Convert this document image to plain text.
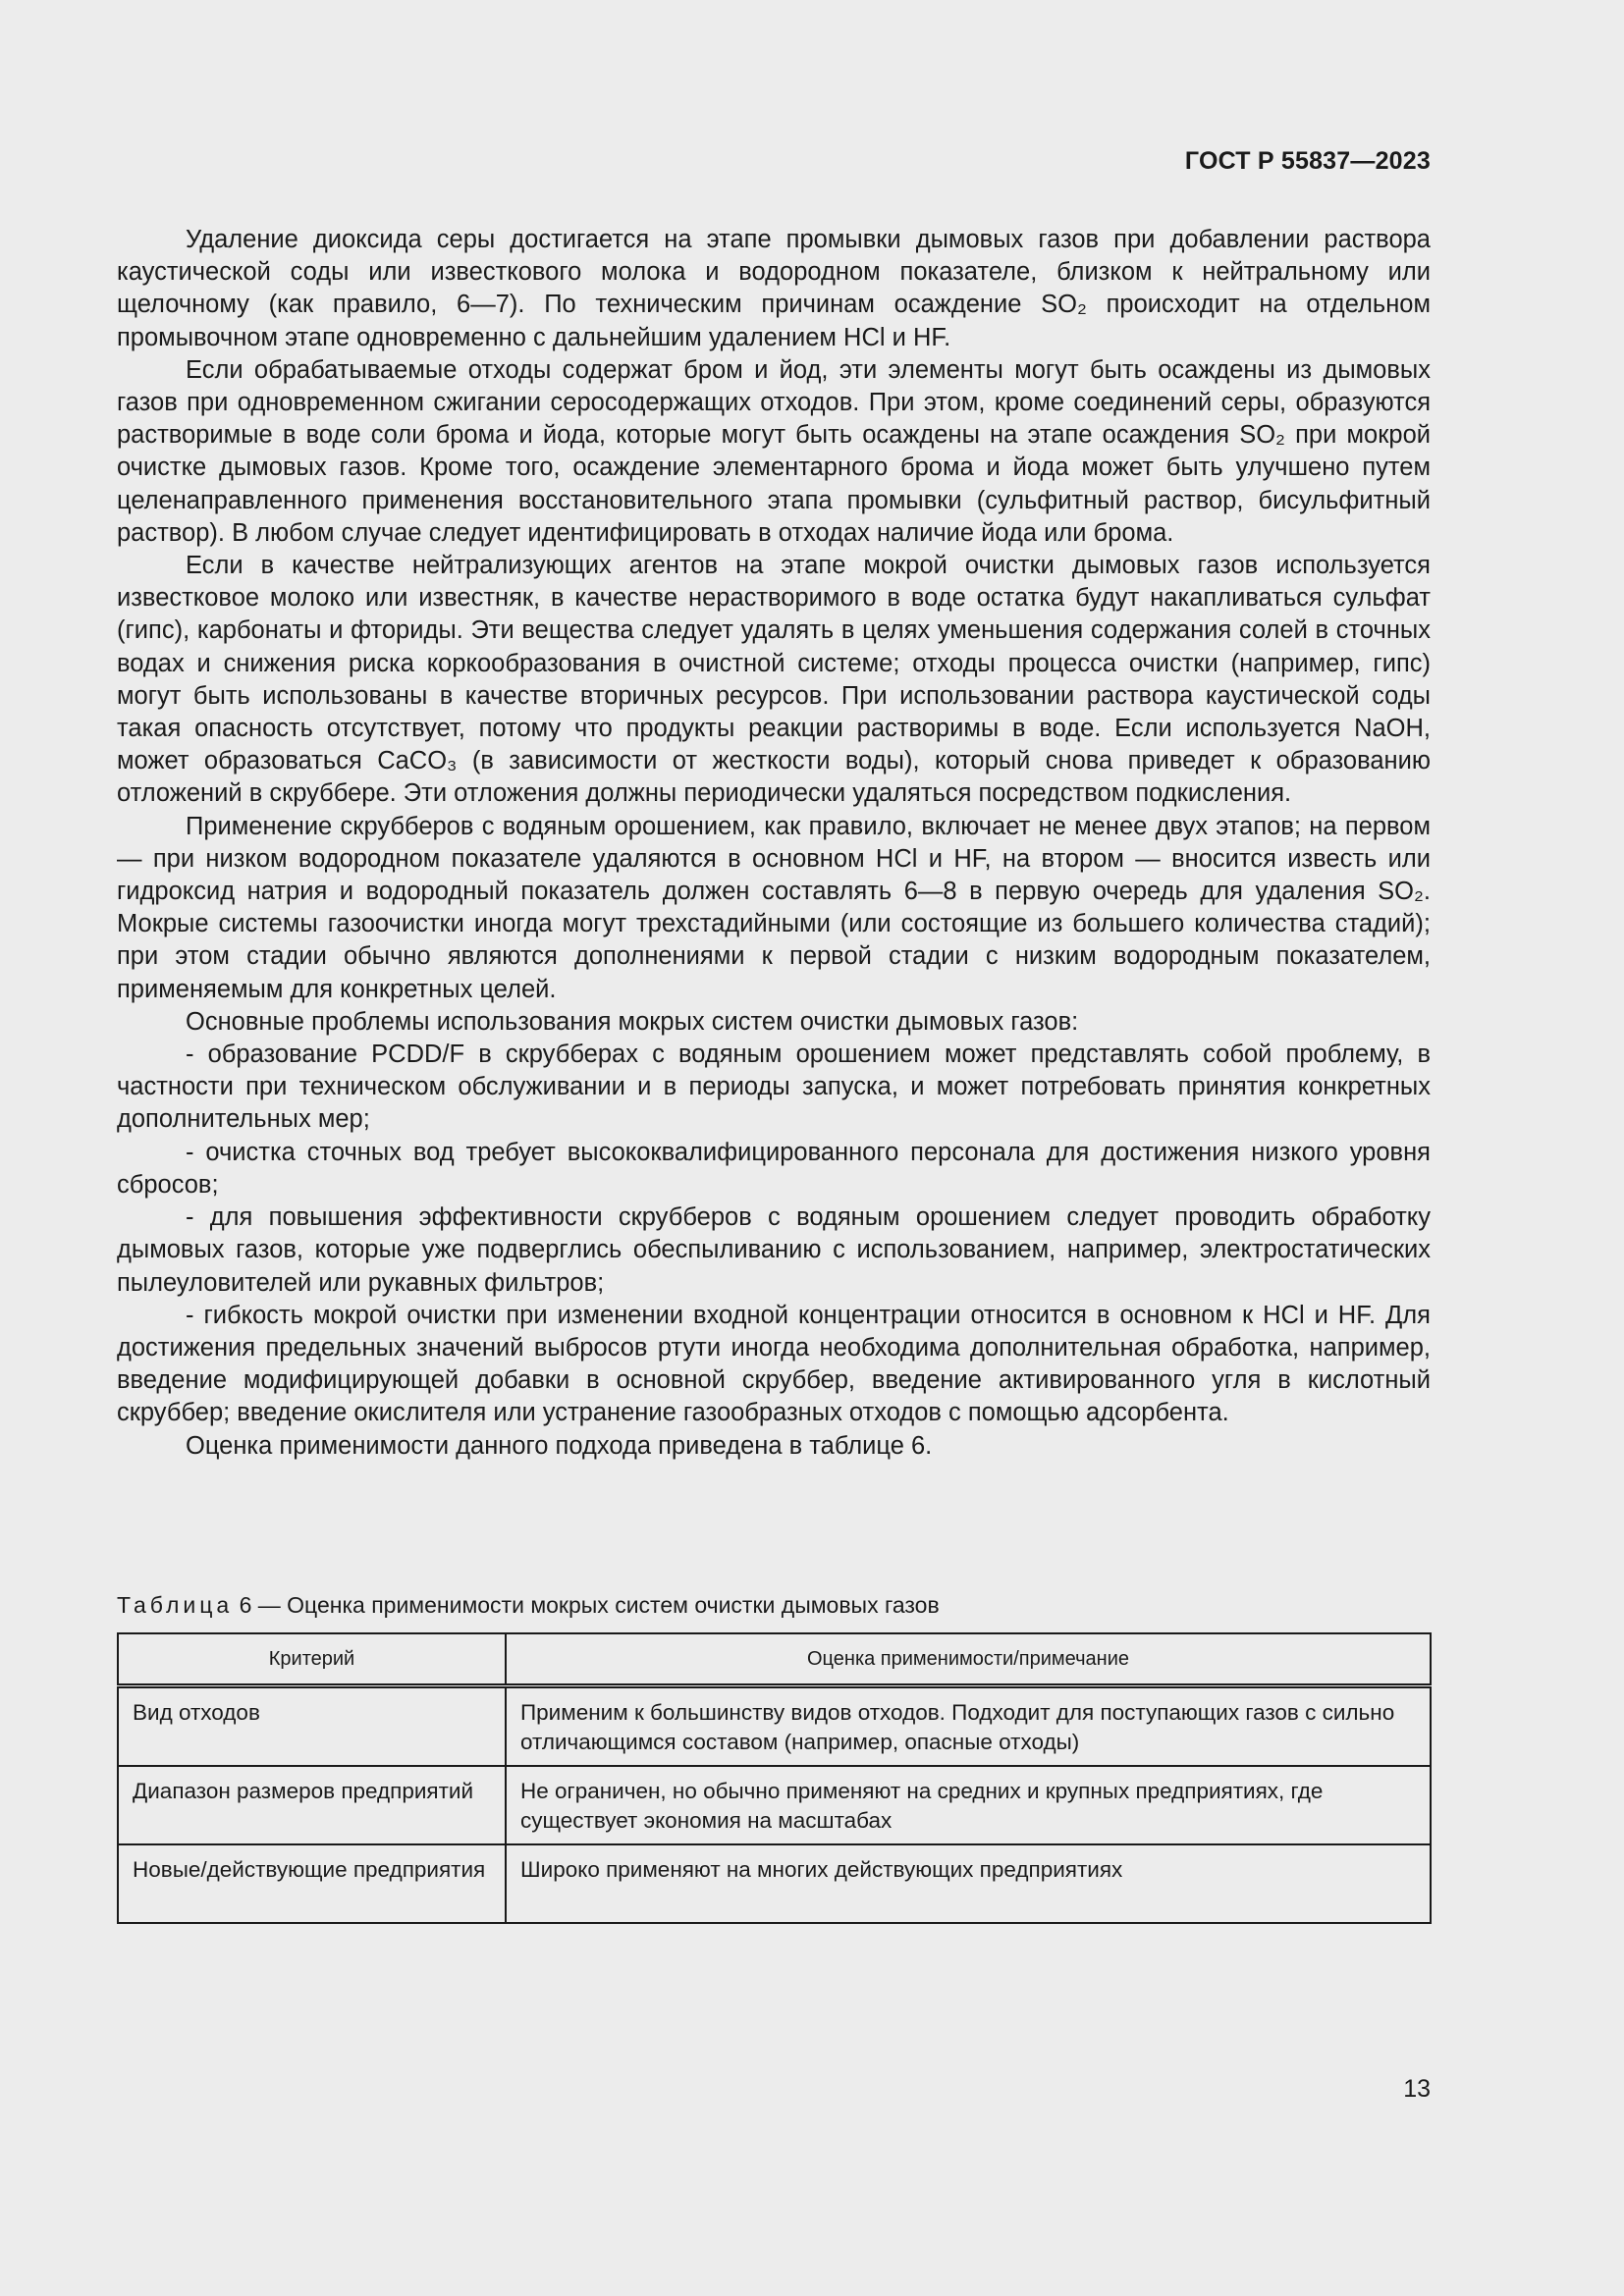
ГОСТ Р 55837—2023

Удаление диоксида серы достигается на этапе промывки дымовых газов при добавлении раствора каустической соды или известкового молока и водородном показателе, близком к нейтральному или щелочному (как правило, 6—7). По техническим причинам осаждение SO₂ происходит на отдельном промывочном этапе одновременно с дальнейшим удалением HCl и HF.

Если обрабатываемые отходы содержат бром и йод, эти элементы могут быть осаждены из дымовых газов при одновременном сжигании серосодержащих отходов. При этом, кроме соединений серы, образуются растворимые в воде соли брома и йода, которые могут быть осаждены на этапе осаждения SO₂ при мокрой очистке дымовых газов. Кроме того, осаждение элементарного брома и йода может быть улучшено путем целенаправленного применения восстановительного этапа промывки (сульфитный раствор, бисульфитный раствор). В любом случае следует идентифицировать в отходах наличие йода или брома.

Если в качестве нейтрализующих агентов на этапе мокрой очистки дымовых газов используется известковое молоко или известняк, в качестве нерастворимого в воде остатка будут накапливаться сульфат (гипс), карбонаты и фториды. Эти вещества следует удалять в целях уменьшения содержания солей в сточных водах и снижения риска коркообразования в очистной системе; отходы процесса очистки (например, гипс) могут быть использованы в качестве вторичных ресурсов. При использовании раствора каустической соды такая опасность отсутствует, потому что продукты реакции растворимы в воде. Если используется NaOH, может образоваться CaCO₃ (в зависимости от жесткости воды), который снова приведет к образованию отложений в скруббере. Эти отложения должны периодически удаляться посредством подкисления.

Применение скрубберов с водяным орошением, как правило, включает не менее двух этапов; на первом — при низком водородном показателе удаляются в основном HCl и HF, на втором — вносится известь или гидроксид натрия и водородный показатель должен составлять 6—8 в первую очередь для удаления SO₂. Мокрые системы газоочистки иногда могут трехстадийными (или состоящие из большего количества стадий); при этом стадии обычно являются дополнениями к первой стадии с низким водородным показателем, применяемым для конкретных целей.

Основные проблемы использования мокрых систем очистки дымовых газов:

- образование PCDD/F в скрубберах с водяным орошением может представлять собой проблему, в частности при техническом обслуживании и в периоды запуска, и может потребовать принятия конкретных дополнительных мер;

- очистка сточных вод требует высококвалифицированного персонала для достижения низкого уровня сбросов;

- для повышения эффективности скрубберов с водяным орошением следует проводить обработку дымовых газов, которые уже подверглись обеспыливанию с использованием, например, электростатических пылеуловителей или рукавных фильтров;

- гибкость мокрой очистки при изменении входной концентрации относится в основном к HCl и HF. Для достижения предельных значений выбросов ртути иногда необходима дополнительная обработка, например, введение модифицирующей добавки в основной скруббер, введение активированного угля в кислотный скруббер; введение окислителя или устранение газообразных отходов с помощью адсорбента.

Оценка применимости данного подхода приведена в таблице 6.

Таблица 6 — Оценка применимости мокрых систем очистки дымовых газов
Критерий	Оценка применимости/примечание
Вид отходов	Применим к большинству видов отходов. Подходит для поступающих газов с сильно отличающимся составом (например, опасные отходы)
Диапазон размеров предприятий	Не ограничен, но обычно применяют на средних и крупных предприятиях, где существует экономия на масштабах
Новые/действующие предприятия	Широко применяют на многих действующих предприятиях
13
